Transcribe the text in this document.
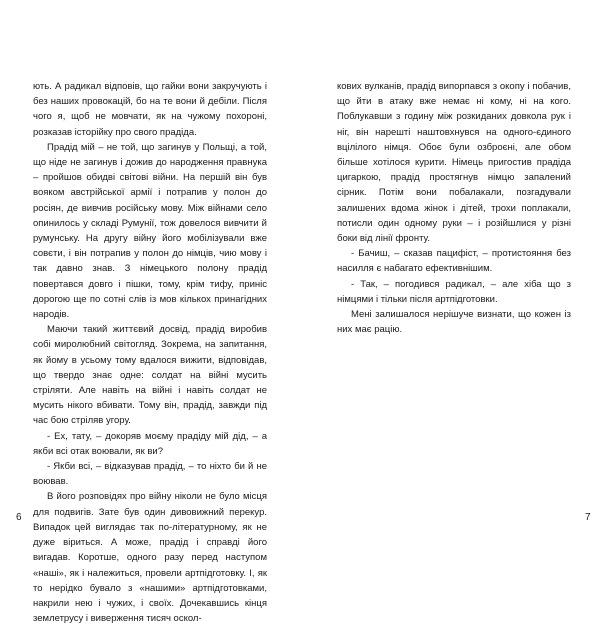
ють. А радикал відповів, що гайки вони закручують і без наших провокацій, бо на те вони й дебіли. Після чого я, щоб не мовчати, як на чужому похороні, розказав історійку про свого прадіда.

Прадід мій – не той, що загинув у Польщі, а той, що ніде не загинув і дожив до народження правнука – пройшов обидві світові війни. На першій він був вояком австрійської армії і потрапив у полон до росіян, де вивчив російську мову. Між війнами село опинилось у складі Румунії, тож довелося вивчити й румунську. На другу війну його мобілізували вже совєти, і він потрапив у полон до німців, чию мову і так давно знав. З німецького полону прадід повертався довго і пішки, тому, крім тифу, приніс дорогою ще по сотні слів із мов кількох принагідних народів.

Маючи такий життєвий досвід, прадід виробив собі миролюбний світогляд. Зокрема, на запитання, як йому в усьому тому вдалося вижити, відповідав, що твердо знає одне: солдат на війні мусить стріляти. Але навіть на війні і навіть солдат не мусить нікого вбивати. Тому він, прадід, завжди під час бою стріляв угору.

- Ех, тату, – докоряв моєму прадіду мій дід, – а якби всі отак воювали, як ви?

- Якби всі, – відказував прадід, – то ніхто би й не воював.

В його розповідях про війну ніколи не було місця для подвигів. Зате був один дивовижний перекур. Випадок цей виглядає так по-літературному, як не дуже віриться. А може, прадід і справді його вигадав. Коротше, одного разу перед наступом «наші», як і належиться, провели артпідготовку. І, як то нерідко бувало з «нашими» артпідготовками, накрили нею і чужих, і своїх. Дочекавшись кінця землетрусу і виверження тисяч оскол-

6

кових вулканів, прадід випорпався з окопу і побачив, що йти в атаку вже немає ні кому, ні на кого. Поблукавши з годину між розкиданих довкола рук і ніг, він нарешті наштовхнувся на одного-єдиного вцілілого німця. Обоє були озброєні, але обом більше хотілося курити. Німець пригостив прадіда цигаркою, прадід простягнув німцю запалений сірник. Потім вони побалакали, позгадували залишених вдома жінок і дітей, трохи поплакали, потисли один одному руки – і розійшлися у різні боки від лінії фронту.

- Бачиш, – сказав пацифіст, – протистояння без насилля є набагато ефективнішим.

- Так, – погодився радикал, – але хіба що з німцями і тільки після артпідготовки.

Мені залишалося нерішуче визнати, що кожен із них має рацію.

7
